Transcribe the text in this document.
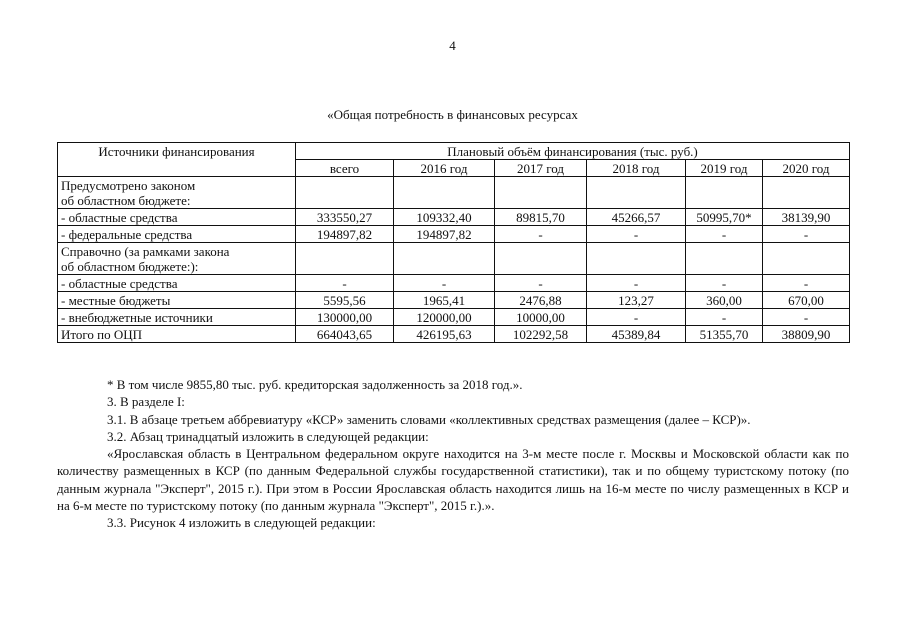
4
«Общая потребность в финансовых ресурсах
Источники финансирования	Плановый объём финансирования (тыс. руб.)					
	всего	2016 год	2017 год	2018 год	2019 год	2020 год

Предусмотрено законом
об областном бюджете:						

- областные средства	333550,27	109332,40	89815,70	45266,57	50995,70*	38139,90

- федеральные средства	194897,82	194897,82	-	-	-	-

Справочно (за рамками закона
об областном бюджете:):						

- областные средства	-	-	-	-	-	-

- местные бюджеты	5595,56	1965,41	2476,88	123,27	360,00	670,00

- внебюджетные источники	130000,00	120000,00	10000,00	-	-	-

Итого по ОЦП	664043,65	426195,63	102292,58	45389,84	51355,70	38809,90

* В том числе 9855,80 тыс. руб. кредиторская задолженность за 2018 год.».

3. В разделе I:

3.1. В абзаце третьем аббревиатуру «КСР» заменить словами «коллективных средствах размещения (далее – КСР)».

3.2. Абзац тринадцатый изложить в следующей редакции:

«Ярославская область в Центральном федеральном округе находится на 3-м месте после г. Москвы и Московской области как по количеству размещенных в КСР (по данным Федеральной службы государственной статистики), так и по общему туристскому потоку (по данным журнала "Эксперт", 2015 г.). При этом в России Ярославская область находится лишь на 16-м месте по числу размещенных в КСР и на 6-м месте по туристскому потоку (по данным журнала "Эксперт", 2015 г.).».

3.3. Рисунок 4 изложить в следующей редакции:
